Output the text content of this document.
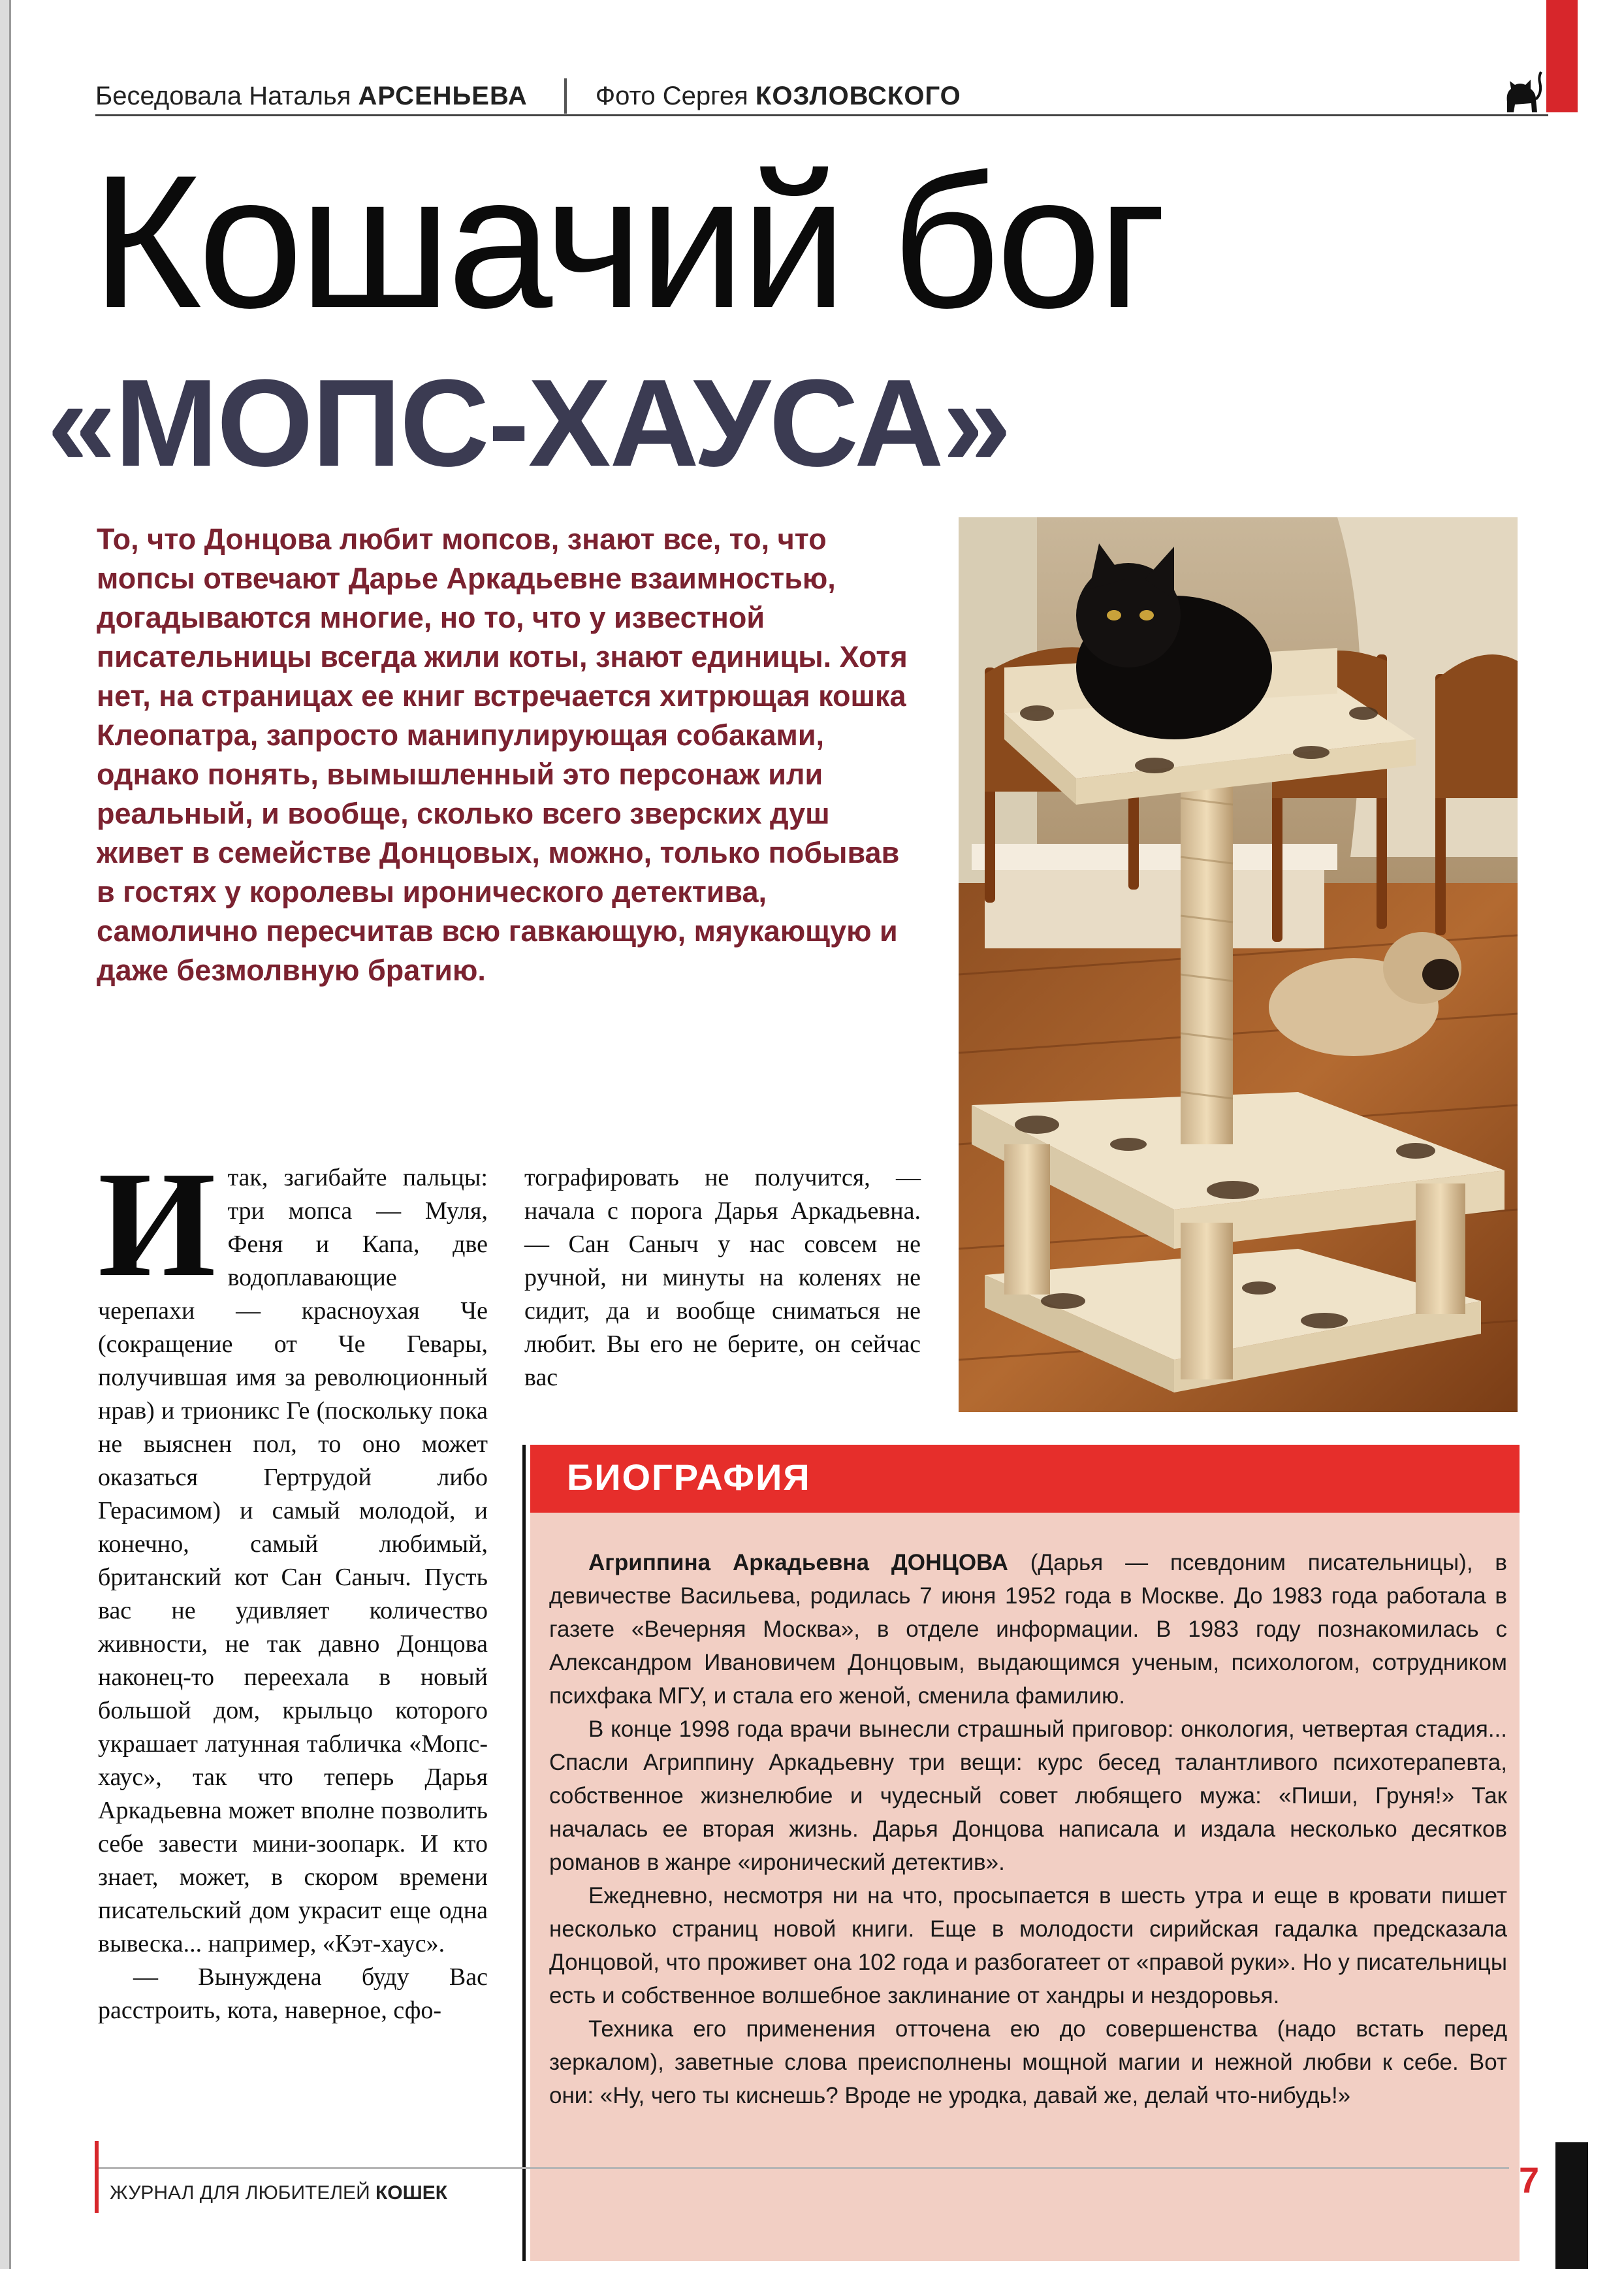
Беседовала Наталья АРСЕНЬЕВА	Фото Сергея КОЗЛОВСКОГО
Кошачий бог
«МОПС-ХАУСА»

То, что Донцова любит мопсов, знают все, то, что мопсы отвечают Дарье Аркадьевне взаимностью, догадываются многие, но то, что у известной писательницы всегда жили коты, знают единицы. Хотя нет, на страницах ее книг встречается хитрющая кошка Клеопатра, запросто манипулирующая собаками, однако понять, вымышленный это персонаж или реальный, и вообще, сколько всего зверских душ живет в семействе Донцовых, можно, только побывав в гостях у королевы иронического детектива, самолично пересчитав всю гавкающую, мяукающую и даже безмолвную братию.

И так, загибайте пальцы: три мопса — Муля, Феня и Капа, две водоплавающие черепахи — красноухая Че (сокращение от Че Гевары, получившая имя за революционный нрав) и трионикс Ге (поскольку пока не выяснен пол, то оно может оказаться Гертрудой либо Герасимом) и самый молодой, и конечно, самый любимый, британский кот Сан Саныч. Пусть вас не удивляет количество живности, не так давно Донцова наконец-то переехала в новый большой дом, крыльцо которого украшает латунная табличка «Мопс-хаус», так что теперь Дарья Аркадьевна может вполне позволить себе завести мини-зоопарк. И кто знает, может, в скором времени писательский дом украсит еще одна вывеска... например, «Кэт-хаус».

— Вынуждена буду Вас расстроить, кота, наверное, сфо-

тографировать не получится, — начала с порога Дарья Аркадьевна. — Сан Саныч у нас совсем не ручной, ни минуты на коленях не сидит, да и вообще сниматься не любит. Вы его не берите, он сейчас вас

БИОГРАФИЯ

Агриппина Аркадьевна ДОНЦОВА (Дарья — псевдоним писательницы), в девичестве Васильева, родилась 7 июня 1952 года в Москве. До 1983 года работала в газете «Вечерняя Москва», в отделе информации. В 1983 году познакомилась с Александром Ивановичем Донцовым, выдающимся ученым, психологом, сотрудником психфака МГУ, и стала его женой, сменила фамилию.

В конце 1998 года врачи вынесли страшный приговор: онкология, четвертая стадия... Спасли Агриппину Аркадьевну три вещи: курс бесед талантливого психотерапевта, собственное жизнелюбие и чудесный совет любящего мужа: «Пиши, Груня!» Так началась ее вторая жизнь. Дарья Донцова написала и издала несколько десятков романов в жанре «иронический детектив».

Ежедневно, несмотря ни на что, просыпается в шесть утра и еще в кровати пишет несколько страниц новой книги. Еще в молодости сирийская гадалка предсказала Донцовой, что проживет она 102 года и разбогатеет от «правой руки». Но у писательницы есть и собственное волшебное заклинание от хандры и нездоровья.

Техника его применения отточена ею до совершенства (надо встать перед зеркалом), заветные слова преисполнены мощной магии и нежной любви к себе. Вот они: «Ну, чего ты киснешь? Вроде не уродка, давай же, делай что-нибудь!»

ЖУРНАЛ ДЛЯ ЛЮБИТЕЛЕЙ КОШЕК	7
